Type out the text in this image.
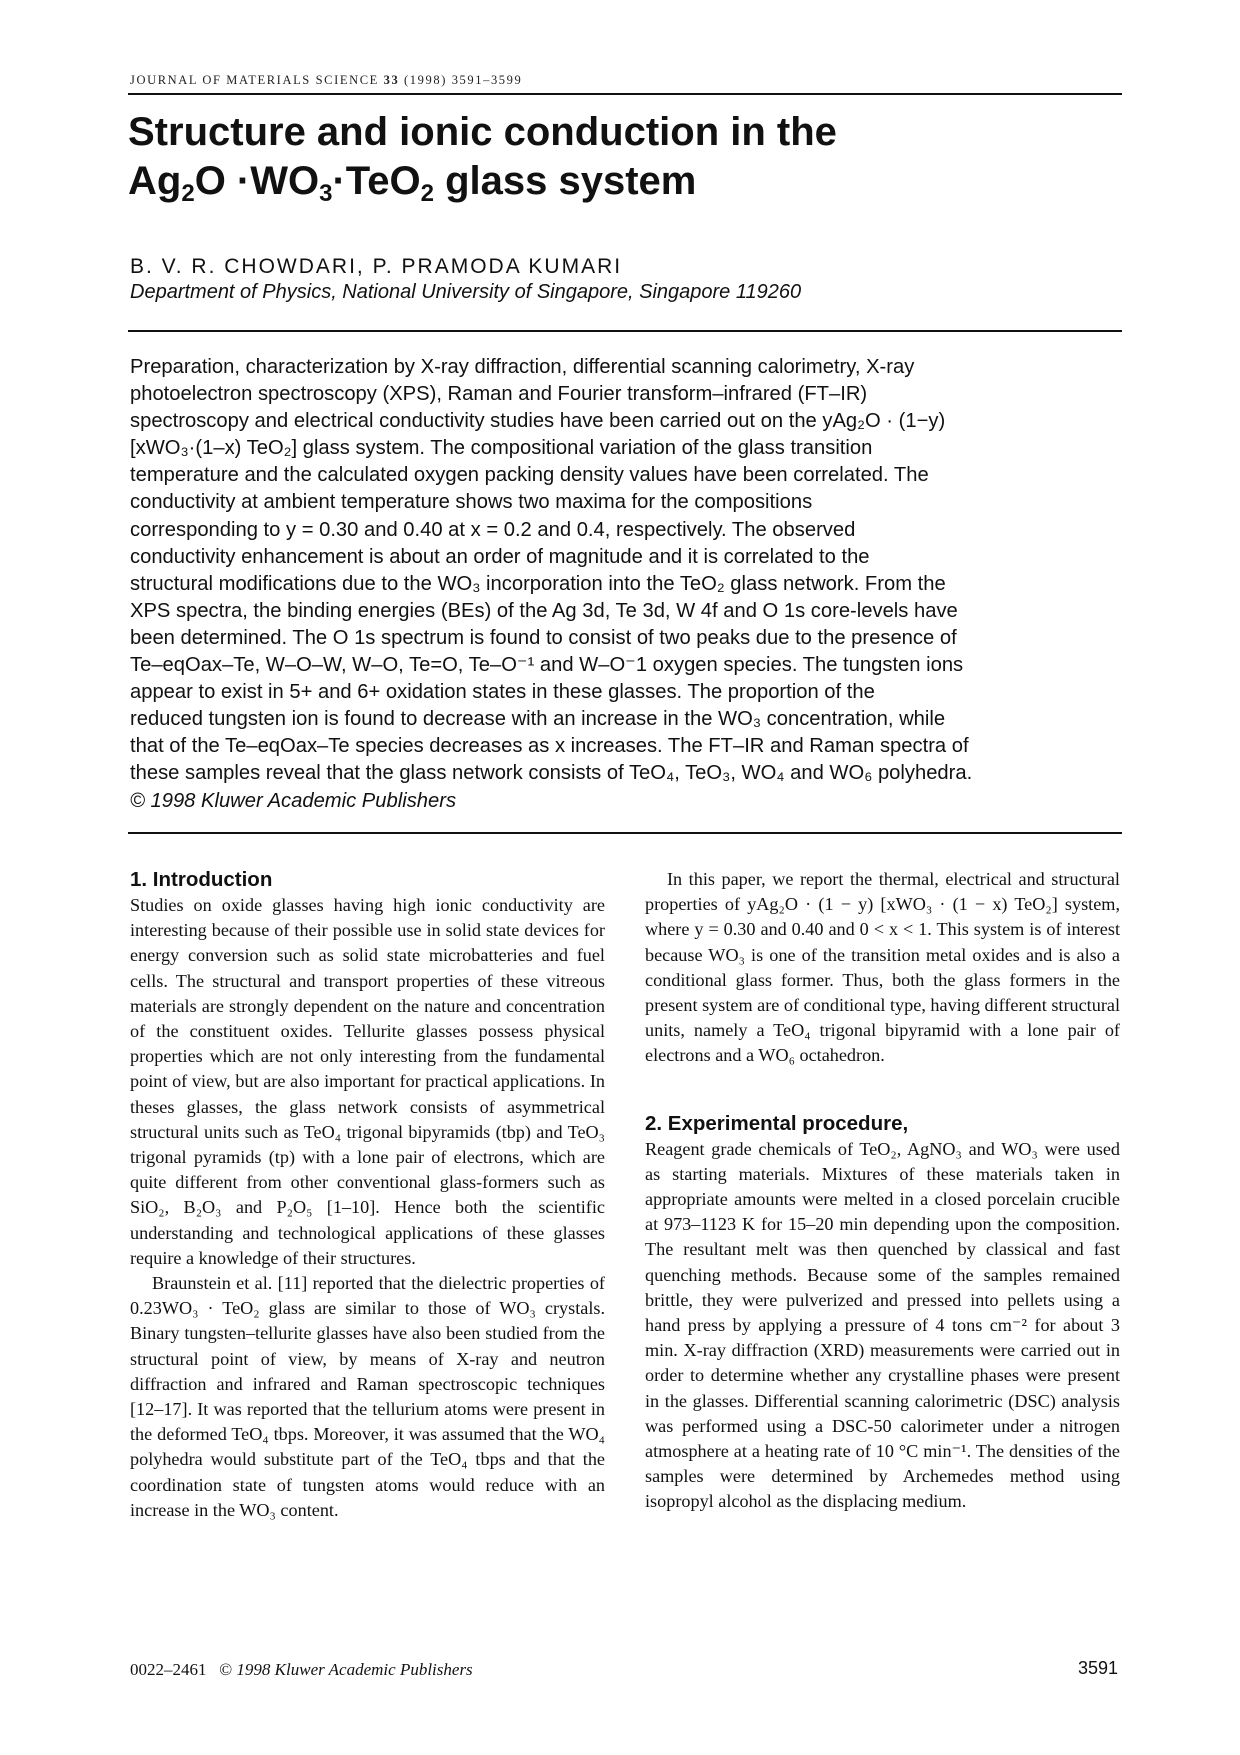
JOURNAL OF MATERIALS SCIENCE 33 (1998) 3591–3599
Structure and ionic conduction in the
$Ag_2O \cdot WO_3\cdot TeO_2$ glass system
B. V. R. CHOWDARI, P. PRAMODA KUMARI
Department of Physics, National University of Singapore, Singapore 119260
Preparation, characterization by X-ray diffraction, differential scanning calorimetry, X-ray
photoelectron spectroscopy (XPS), Raman and Fourier transform–infrared (FT–IR)
spectroscopy and electrical conductivity studies have been carried out on the yAg₂O · (1−y)
[xWO₃·(1–x) TeO₂] glass system. The compositional variation of the glass transition
temperature and the calculated oxygen packing density values have been correlated. The
conductivity at ambient temperature shows two maxima for the compositions
corresponding to y = 0.30 and 0.40 at x = 0.2 and 0.4, respectively. The observed
conductivity enhancement is about an order of magnitude and it is correlated to the
structural modifications due to the WO₃ incorporation into the TeO₂ glass network. From the
XPS spectra, the binding energies (BEs) of the Ag 3d, Te 3d, W 4f and O 1s core-levels have
been determined. The O 1s spectrum is found to consist of two peaks due to the presence of
Te–eqOax–Te, W–O–W, W–O, Te=O, Te–O⁻¹ and W–O⁻1 oxygen species. The tungsten ions
appear to exist in 5+ and 6+ oxidation states in these glasses. The proportion of the
reduced tungsten ion is found to decrease with an increase in the WO₃ concentration, while
that of the Te–eqOax–Te species decreases as x increases. The FT–IR and Raman spectra of
these samples reveal that the glass network consists of TeO₄, TeO₃, WO₄ and WO₆ polyhedra.
© 1998 Kluwer Academic Publishers
1. Introduction

Studies on oxide glasses having high ionic conductivity are interesting because of their possible use in solid state devices for energy conversion such as solid state microbatteries and fuel cells. The structural and transport properties of these vitreous materials are strongly dependent on the nature and concentration of the constituent oxides. Tellurite glasses possess physical properties which are not only interesting from the fundamental point of view, but are also important for practical applications. In theses glasses, the glass network consists of asymmetrical structural units such as TeO₄ trigonal bipyramids (tbp) and TeO₃ trigonal pyramids (tp) with a lone pair of electrons, which are quite different from other conventional glass-formers such as SiO₂, B₂O₃ and P₂O₅ [1–10]. Hence both the scientific understanding and technological applications of these glasses require a knowledge of their structures.

Braunstein et al. [11] reported that the dielectric properties of 0.23WO₃ · TeO₂ glass are similar to those of WO₃ crystals. Binary tungsten–tellurite glasses have also been studied from the structural point of view, by means of X-ray and neutron diffraction and infrared and Raman spectroscopic techniques [12–17]. It was reported that the tellurium atoms were present in the deformed TeO₄ tbps. Moreover, it was assumed that the WO₄ polyhedra would substitute part of the TeO₄ tbps and that the coordination state of tungsten atoms would reduce with an increase in the WO₃ content.

In this paper, we report the thermal, electrical and structural properties of yAg₂O · (1 − y) [xWO₃ · (1 − x) TeO₂] system, where y = 0.30 and 0.40 and 0 < x < 1. This system is of interest because WO₃ is one of the transition metal oxides and is also a conditional glass former. Thus, both the glass formers in the present system are of conditional type, having different structural units, namely a TeO₄ trigonal bipyramid with a lone pair of electrons and a WO₆ octahedron.

2. Experimental procedure,

Reagent grade chemicals of TeO₂, AgNO₃ and WO₃ were used as starting materials. Mixtures of these materials taken in appropriate amounts were melted in a closed porcelain crucible at 973–1123 K for 15–20 min depending upon the composition. The resultant melt was then quenched by classical and fast quenching methods. Because some of the samples remained brittle, they were pulverized and pressed into pellets using a hand press by applying a pressure of 4 tons cm⁻² for about 3 min. X-ray diffraction (XRD) measurements were carried out in order to determine whether any crystalline phases were present in the glasses. Differential scanning calorimetric (DSC) analysis was performed using a DSC-50 calorimeter under a nitrogen atmosphere at a heating rate of 10 °C min⁻¹. The densities of the samples were determined by Archemedes method using isopropyl alcohol as the displacing medium.

0022–2461 © 1998 Kluwer Academic Publishers	3591
